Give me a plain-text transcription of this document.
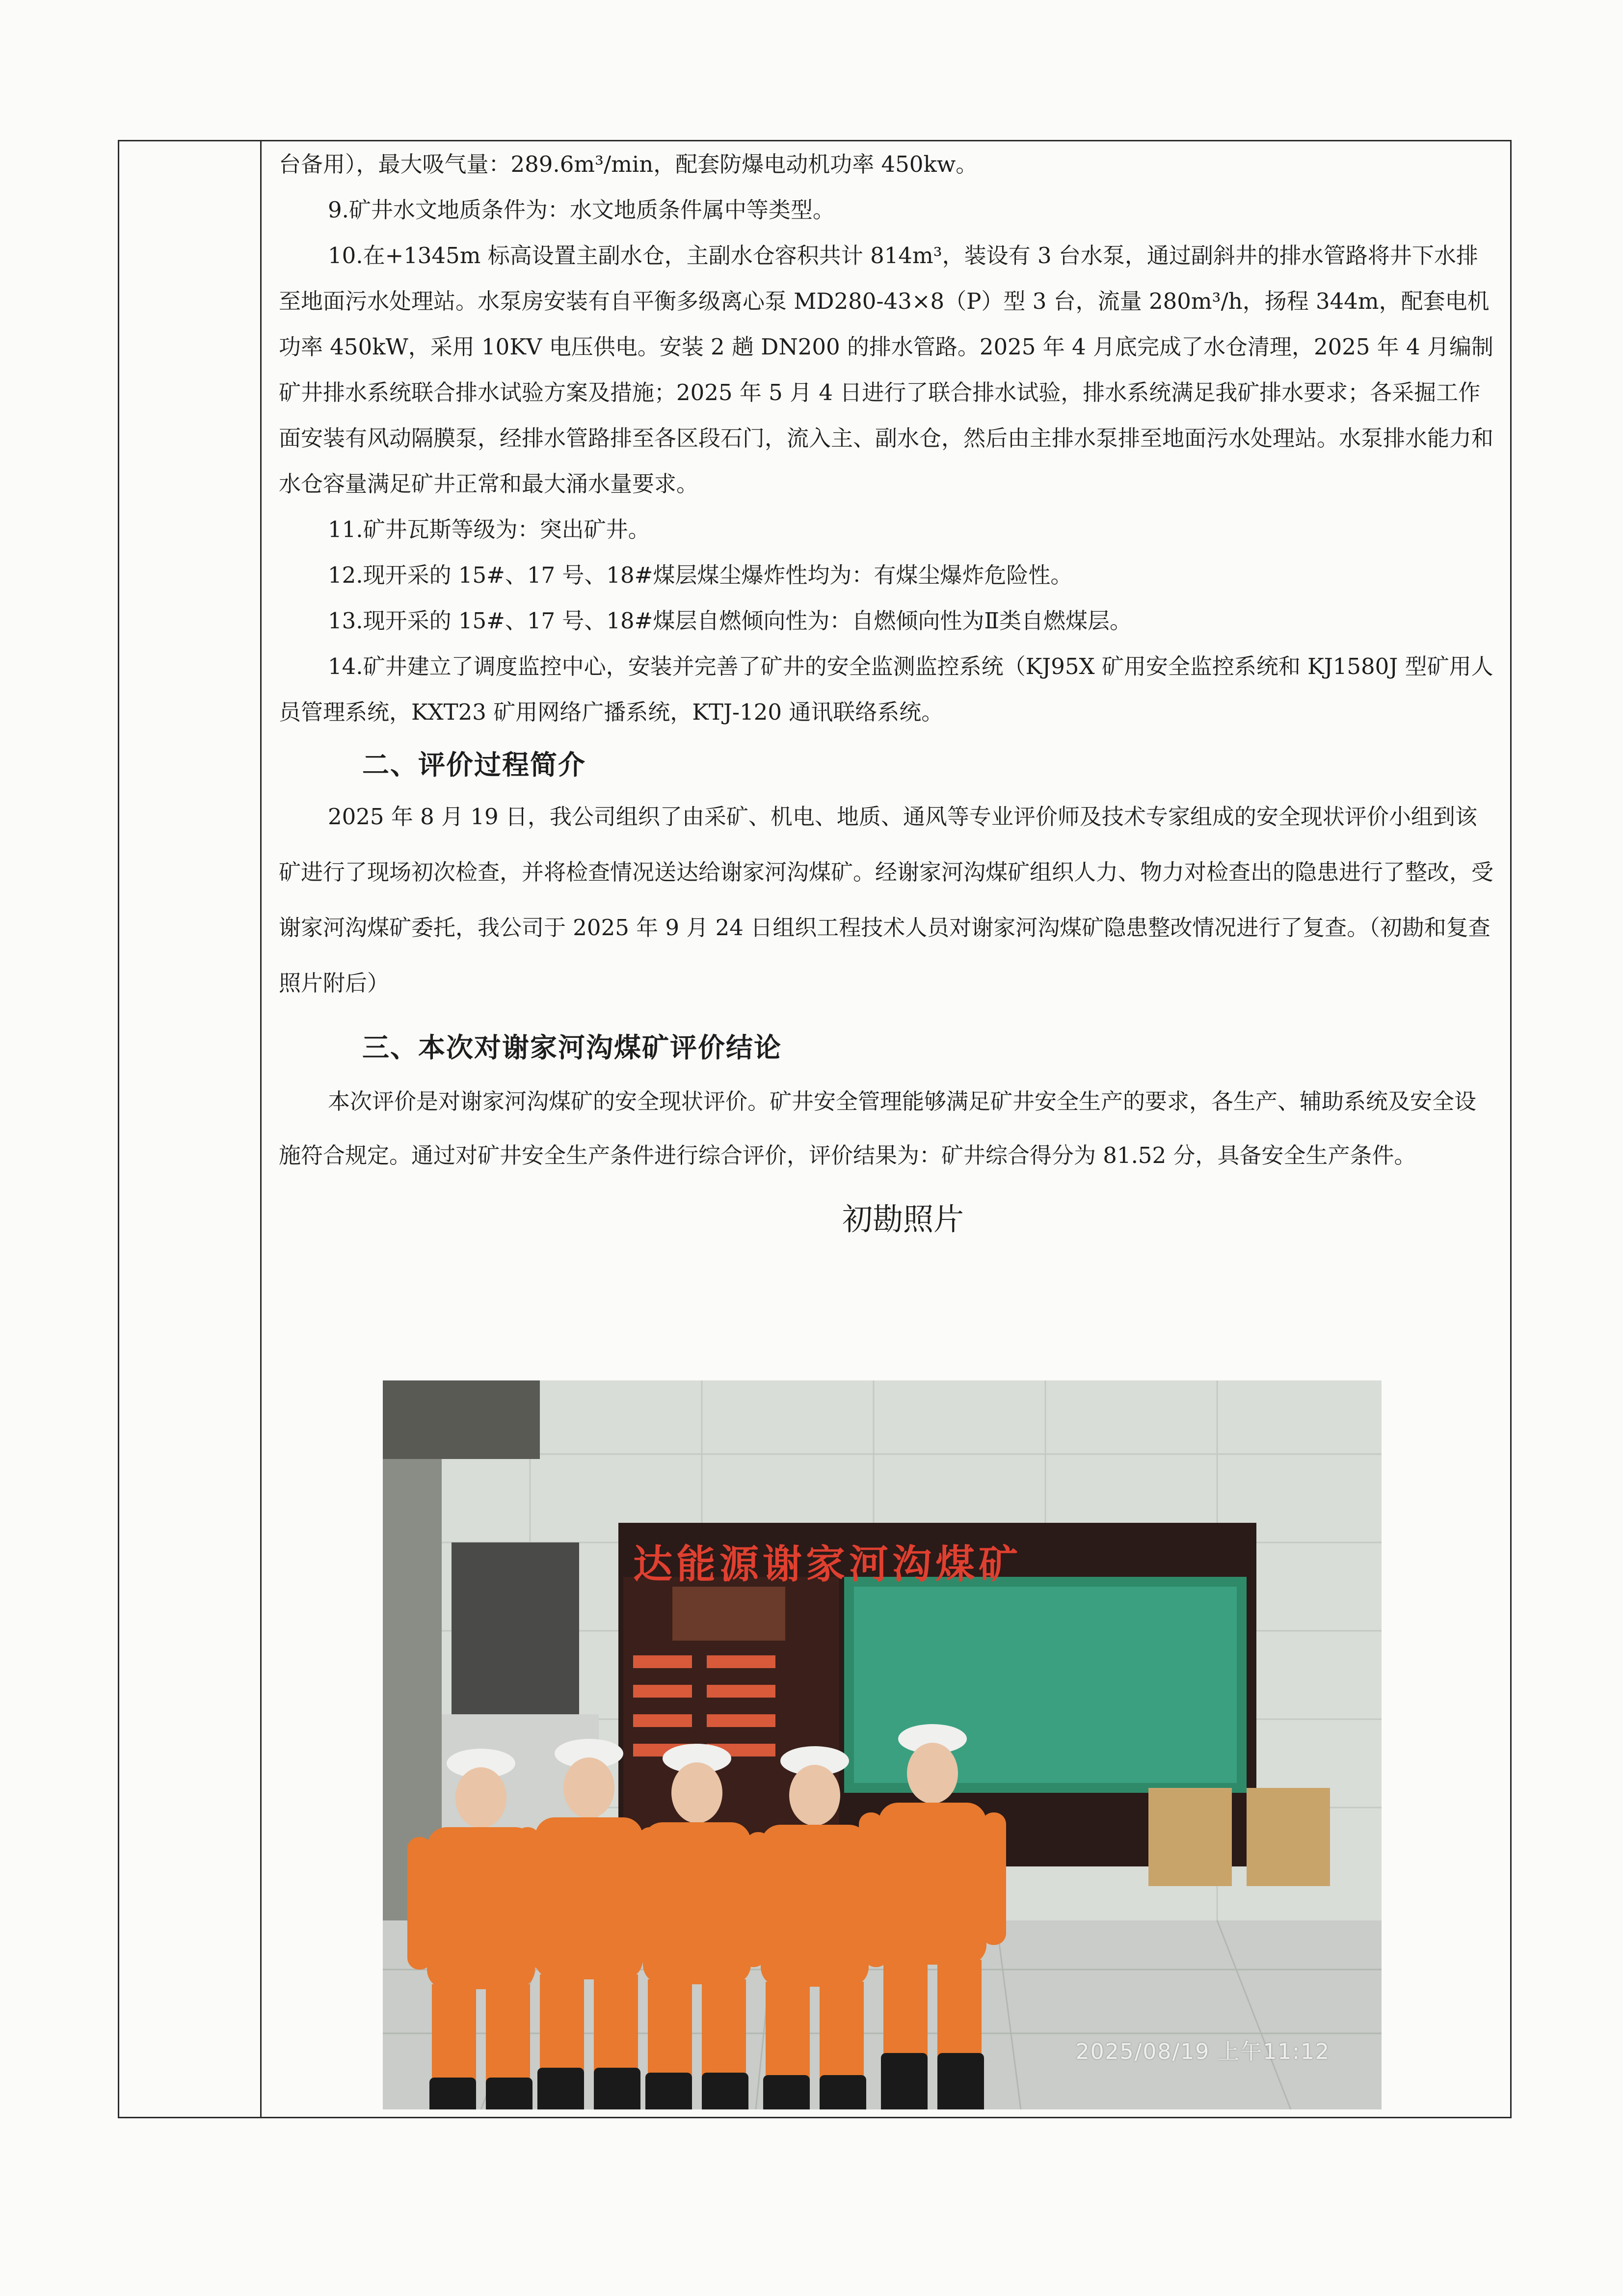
台备用），最大吸气量：289.6m³/min，配套防爆电动机功率 450kw。

9.矿井水文地质条件为：水文地质条件属中等类型。

10.在+1345m 标高设置主副水仓，主副水仓容积共计 814m³，装设有 3 台水泵，通过副斜井的排水管路将井下水排至地面污水处理站。水泵房安装有自平衡多级离心泵 MD280-43×8（P）型 3 台，流量 280m³/h，扬程 344m，配套电机功率 450kW，采用 10KV 电压供电。安装 2 趟 DN200 的排水管路。2025 年 4 月底完成了水仓清理，2025 年 4 月编制矿井排水系统联合排水试验方案及措施；2025 年 5 月 4 日进行了联合排水试验，排水系统满足我矿排水要求；各采掘工作面安装有风动隔膜泵，经排水管路排至各区段石门，流入主、副水仓，然后由主排水泵排至地面污水处理站。水泵排水能力和水仓容量满足矿井正常和最大涌水量要求。

11.矿井瓦斯等级为：突出矿井。

12.现开采的 15#、17 号、18#煤层煤尘爆炸性均为：有煤尘爆炸危险性。

13.现开采的 15#、17 号、18#煤层自燃倾向性为：自燃倾向性为Ⅱ类自燃煤层。

14.矿井建立了调度监控中心，安装并完善了矿井的安全监测监控系统（KJ95X 矿用安全监控系统和 KJ1580J 型矿用人员管理系统，KXT23 矿用网络广播系统，KTJ-120 通讯联络系统。

二、评价过程简介

2025 年 8 月 19 日，我公司组织了由采矿、机电、地质、通风等专业评价师及技术专家组成的安全现状评价小组到该矿进行了现场初次检查，并将检查情况送达给谢家河沟煤矿。经谢家河沟煤矿组织人力、物力对检查出的隐患进行了整改，受谢家河沟煤矿委托，我公司于 2025 年 9 月 24 日组织工程技术人员对谢家河沟煤矿隐患整改情况进行了复查。（初勘和复查照片附后）

三、本次对谢家河沟煤矿评价结论

本次评价是对谢家河沟煤矿的安全现状评价。矿井安全管理能够满足矿井安全生产的要求，各生产、辅助系统及安全设施符合规定。通过对矿井安全生产条件进行综合评价，评价结果为：矿井综合得分为 81.52 分，具备安全生产条件。

初勘照片

达能源谢家河沟煤矿
2025/08/19 上午11:12
